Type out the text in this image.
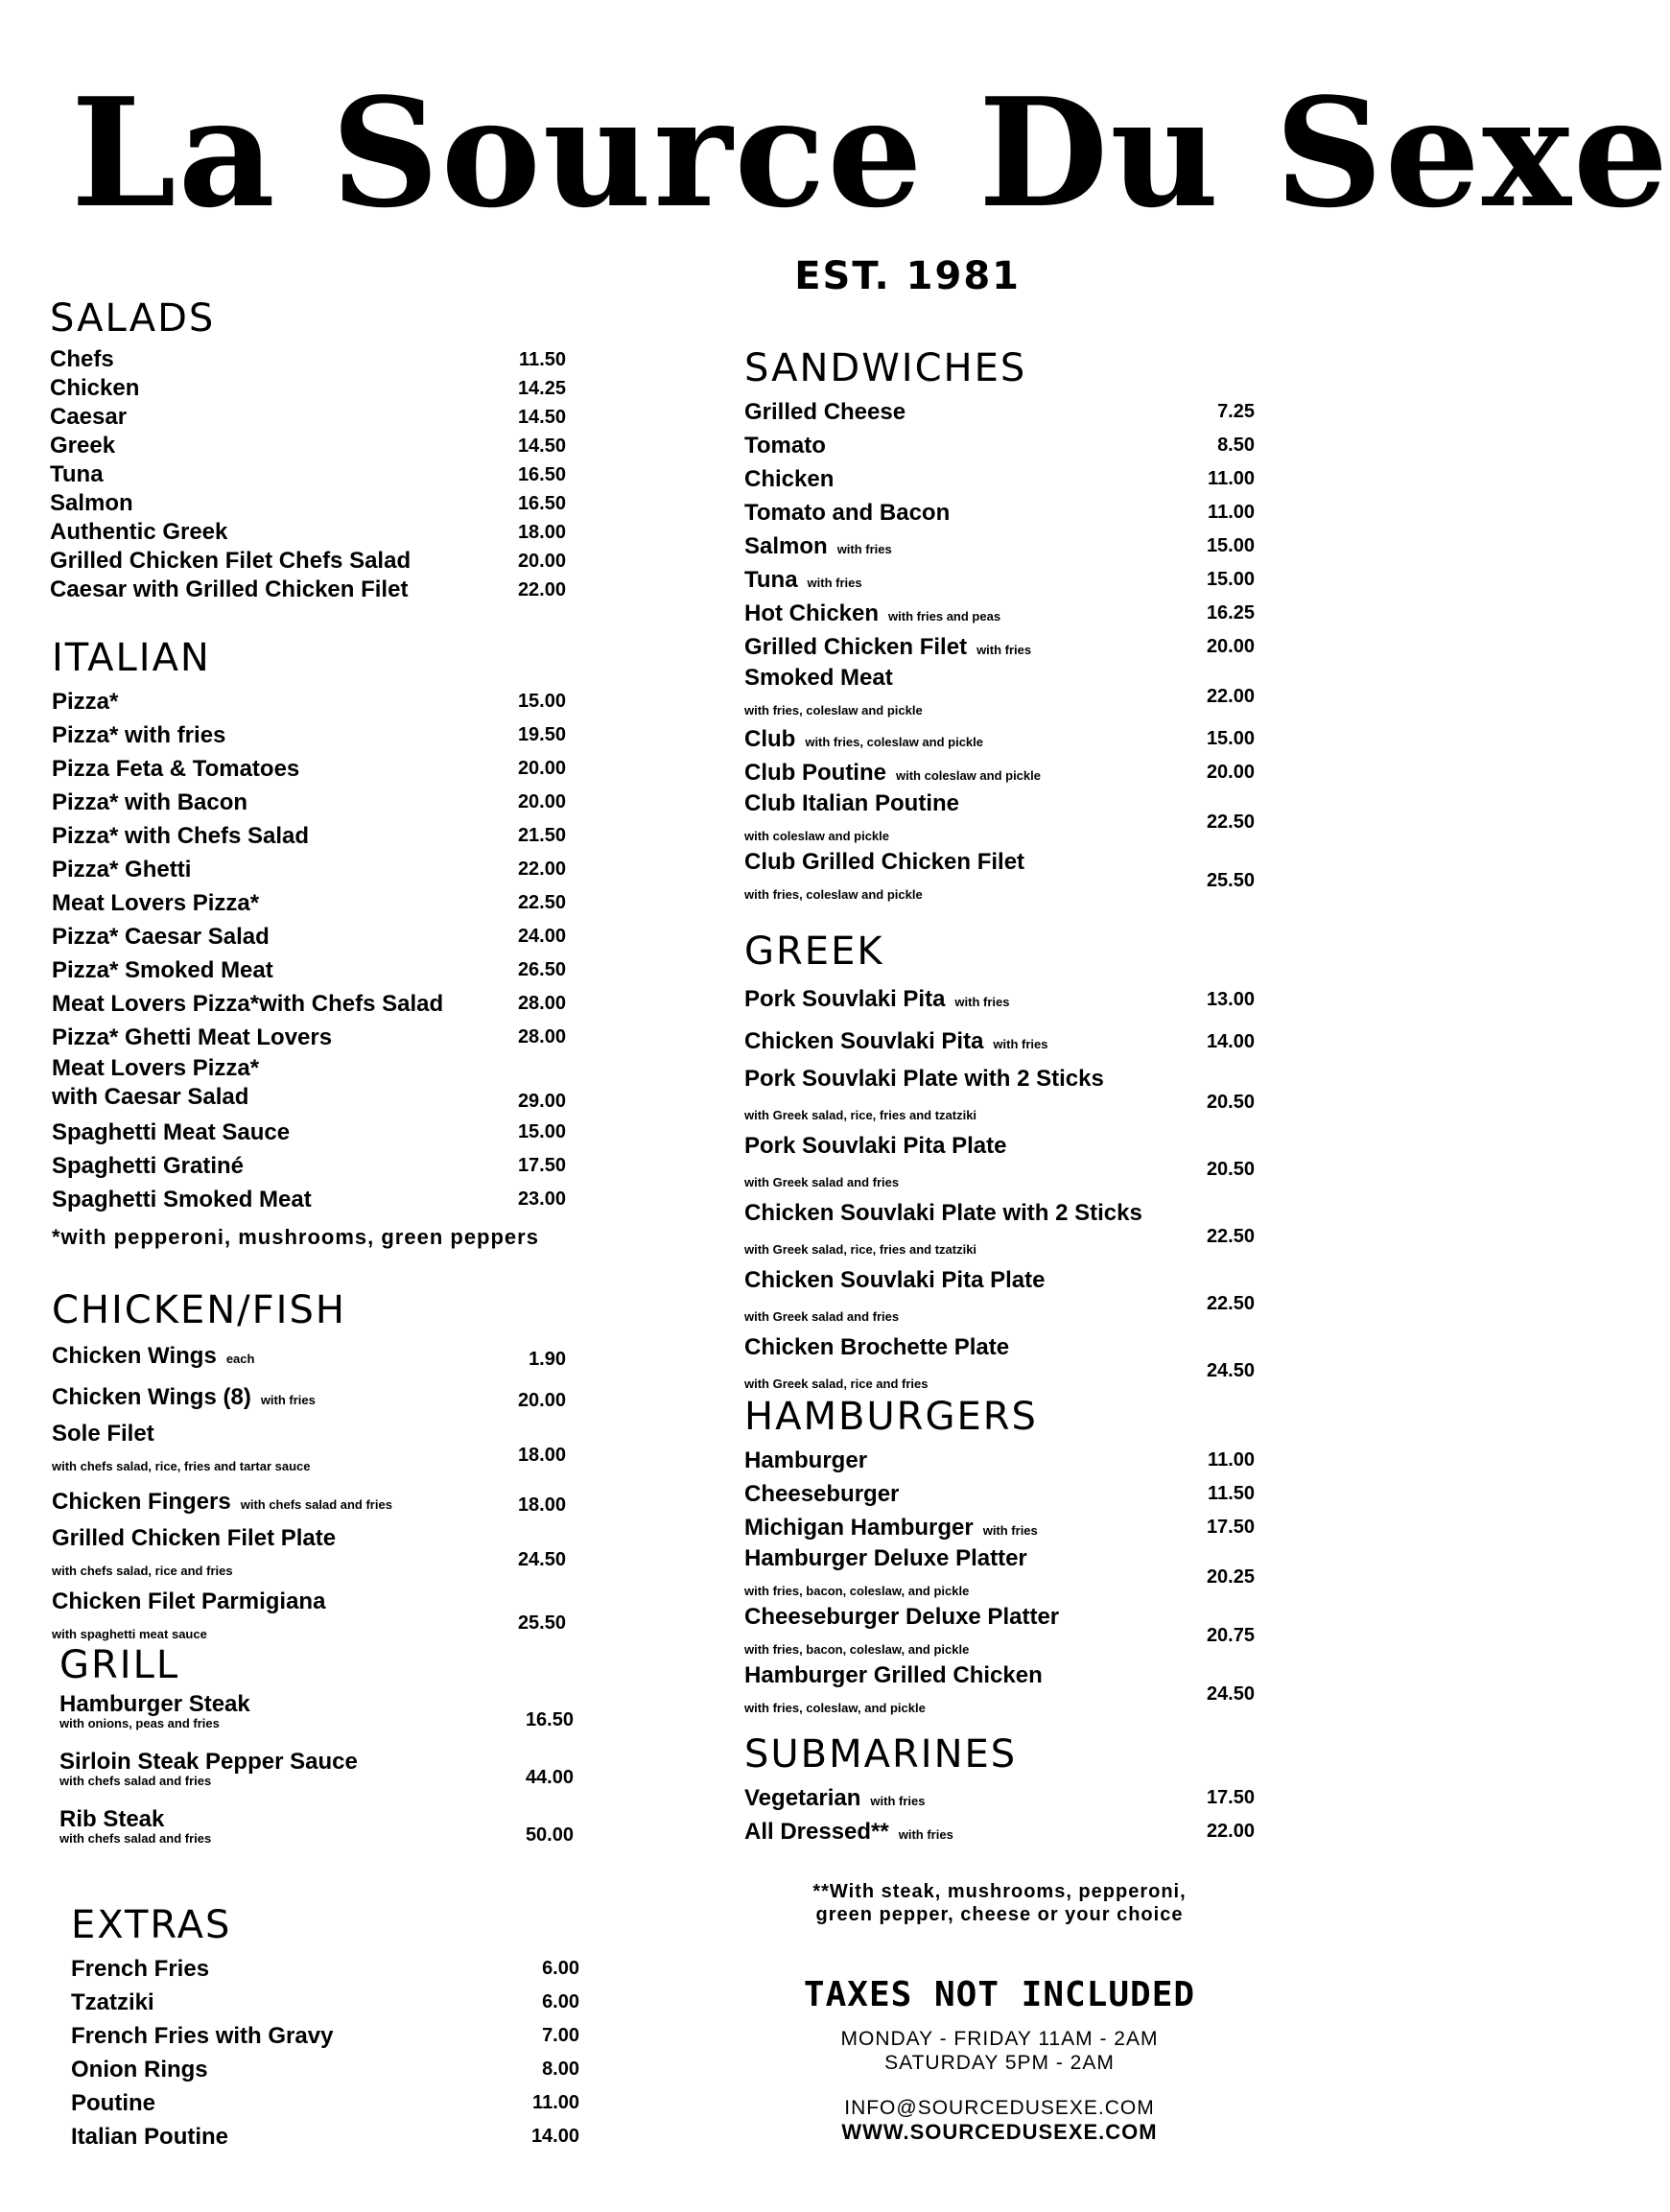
La Source Du Sexe
EST. 1981
SALADS
Chefs	11.50
Chicken	14.25
Caesar	14.50
Greek	14.50
Tuna	16.50
Salmon	16.50
Authentic Greek	18.00
Grilled Chicken Filet Chefs Salad	20.00
Caesar with Grilled Chicken Filet	22.00
ITALIAN
Pizza*	15.00
Pizza* with fries	19.50
Pizza Feta & Tomatoes	20.00
Pizza* with Bacon	20.00
Pizza* with Chefs Salad	21.50
Pizza* Ghetti	22.00
Meat Lovers Pizza*	22.50
Pizza* Caesar Salad	24.00
Pizza* Smoked Meat	26.50
Meat Lovers Pizza*with Chefs Salad	28.00
Pizza* Ghetti Meat Lovers	28.00
Meat Lovers Pizza*
with Caesar Salad	29.00
Spaghetti Meat Sauce	15.00
Spaghetti Gratiné	17.50
Spaghetti Smoked Meat	23.00
*with pepperoni, mushrooms, green peppers
CHICKEN/FISH
Chicken Wings each	1.90
Chicken Wings (8) with fries	20.00
Sole Filet
with chefs salad, rice, fries and tartar sauce
18.00
Chicken Fingers with chefs salad and fries	18.00
Grilled Chicken Filet Plate
with chefs salad, rice and fries
24.50
Chicken Filet Parmigiana
with spaghetti meat sauce
25.50
GRILL
Hamburger Steak
with onions, peas and fries	16.50
Sirloin Steak Pepper Sauce
with chefs salad and fries	44.00
Rib Steak
with chefs salad and fries	50.00
EXTRAS
French Fries	6.00
Tzatziki	6.00
French Fries with Gravy	7.00
Onion Rings	8.00
Poutine	11.00
Italian Poutine	14.00
SANDWICHES
Grilled Cheese	7.25
Tomato	8.50
Chicken	11.00
Tomato and Bacon	11.00
Salmon with fries	15.00
Tuna with fries	15.00
Hot Chicken with fries and peas	16.25
Grilled Chicken Filet with fries	20.00
Smoked Meat
with fries, coleslaw and pickle
22.00
Club with fries, coleslaw and pickle	15.00
Club Poutine with coleslaw and pickle	20.00
Club Italian Poutine
with coleslaw and pickle
22.50
Club Grilled Chicken Filet
with fries, coleslaw and pickle
25.50
GREEK
Pork Souvlaki Pita with fries	13.00
Chicken Souvlaki Pita with fries	14.00
Pork Souvlaki Plate with 2 Sticks
with Greek salad, rice, fries and tzatziki
20.50
Pork Souvlaki Pita Plate
with Greek salad and fries
20.50
Chicken Souvlaki Plate with 2 Sticks
with Greek salad, rice, fries and tzatziki
22.50
Chicken Souvlaki Pita Plate
with Greek salad and fries
22.50
Chicken Brochette Plate
with Greek salad, rice and fries
24.50
HAMBURGERS
Hamburger	11.00
Cheeseburger	11.50
Michigan Hamburger with fries	17.50
Hamburger Deluxe Platter
with fries, bacon, coleslaw, and pickle
20.25
Cheeseburger Deluxe Platter
with fries, bacon, coleslaw, and pickle
20.75
Hamburger Grilled Chicken
with fries, coleslaw, and pickle
24.50
SUBMARINES
Vegetarian with fries	17.50
All Dressed** with fries	22.00
**With steak, mushrooms, pepperoni,
green pepper, cheese or your choice
TAXES NOT INCLUDED
MONDAY - FRIDAY 11AM - 2AM
SATURDAY 5PM - 2AM
INFO@SOURCEDUSEXE.COM
WWW.SOURCEDUSEXE.COM
